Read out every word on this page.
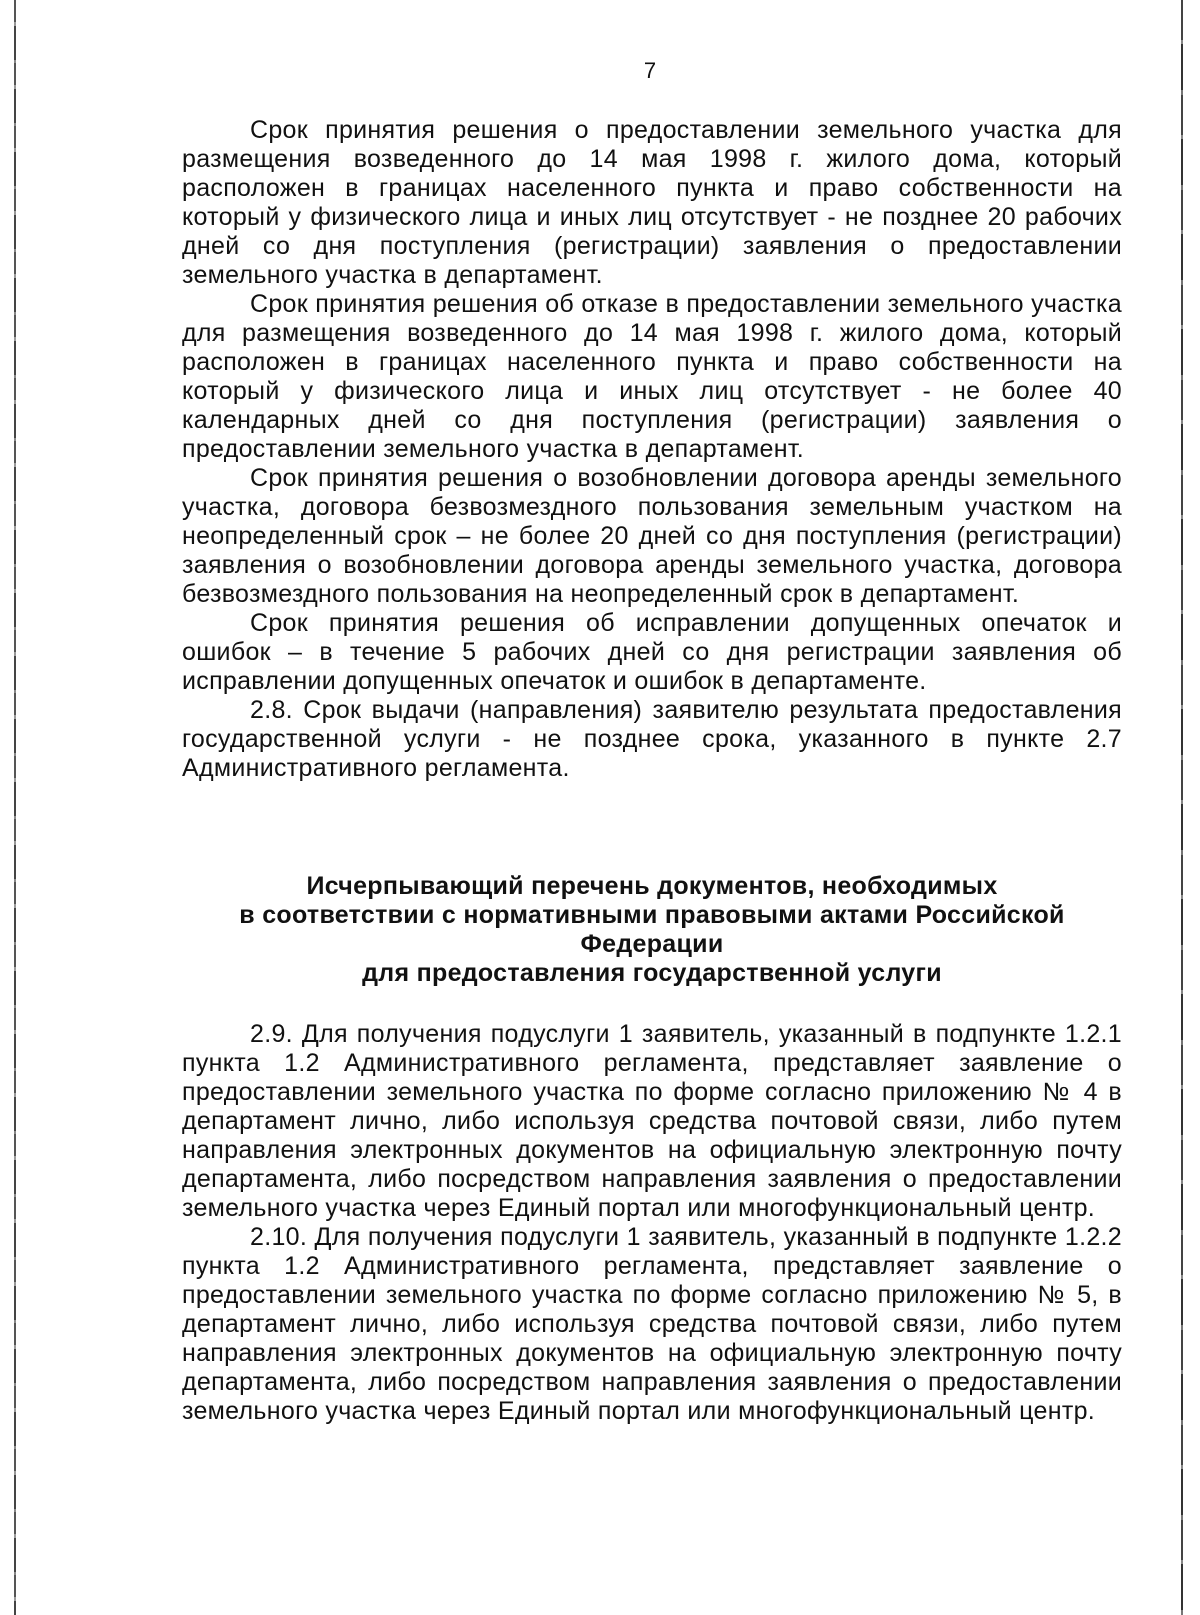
7

Срок принятия решения о предоставлении земельного участка для размещения возведенного до 14 мая 1998 г. жилого дома, который расположен в границах населенного пункта и право собственности на который у физического лица и иных лиц отсутствует - не позднее 20 рабочих дней со дня поступления (регистрации) заявления о предоставлении земельного участка в департамент.

Срок принятия решения об отказе в предоставлении земельного участка для размещения возведенного до 14 мая 1998 г. жилого дома, который расположен в границах населенного пункта и право собственности на который у физического лица и иных лиц отсутствует - не более 40 календарных дней со дня поступления (регистрации) заявления о предоставлении земельного участка в департамент.

Срок принятия решения о возобновлении договора аренды земельного участка, договора безвозмездного пользования земельным участком на неопределенный срок – не более 20 дней со дня поступления (регистрации) заявления о возобновлении договора аренды земельного участка, договора безвозмездного пользования на неопределенный срок в департамент.

Срок принятия решения об исправлении допущенных опечаток и ошибок – в течение 5 рабочих дней со дня регистрации заявления об исправлении допущенных опечаток и ошибок в департаменте.

2.8. Срок выдачи (направления) заявителю результата предоставления государственной услуги - не позднее срока, указанного в пункте 2.7 Административного регламента.

Исчерпывающий перечень документов, необходимых
в соответствии с нормативными правовыми актами Российской
Федерации
для предоставления государственной услуги

2.9. Для получения подуслуги 1 заявитель, указанный в подпункте 1.2.1 пункта 1.2 Административного регламента, представляет заявление о предоставлении земельного участка по форме согласно приложению № 4 в департамент лично, либо используя средства почтовой связи, либо путем направления электронных документов на официальную электронную почту департамента, либо посредством направления заявления о предоставлении земельного участка через Единый портал или многофункциональный центр.

2.10. Для получения подуслуги 1 заявитель, указанный в подпункте 1.2.2 пункта 1.2 Административного регламента, представляет заявление о предоставлении земельного участка по форме согласно приложению № 5, в департамент лично, либо используя средства почтовой связи, либо путем направления электронных документов на официальную электронную почту департамента, либо посредством направления заявления о предоставлении земельного участка через Единый портал или многофункциональный центр.
